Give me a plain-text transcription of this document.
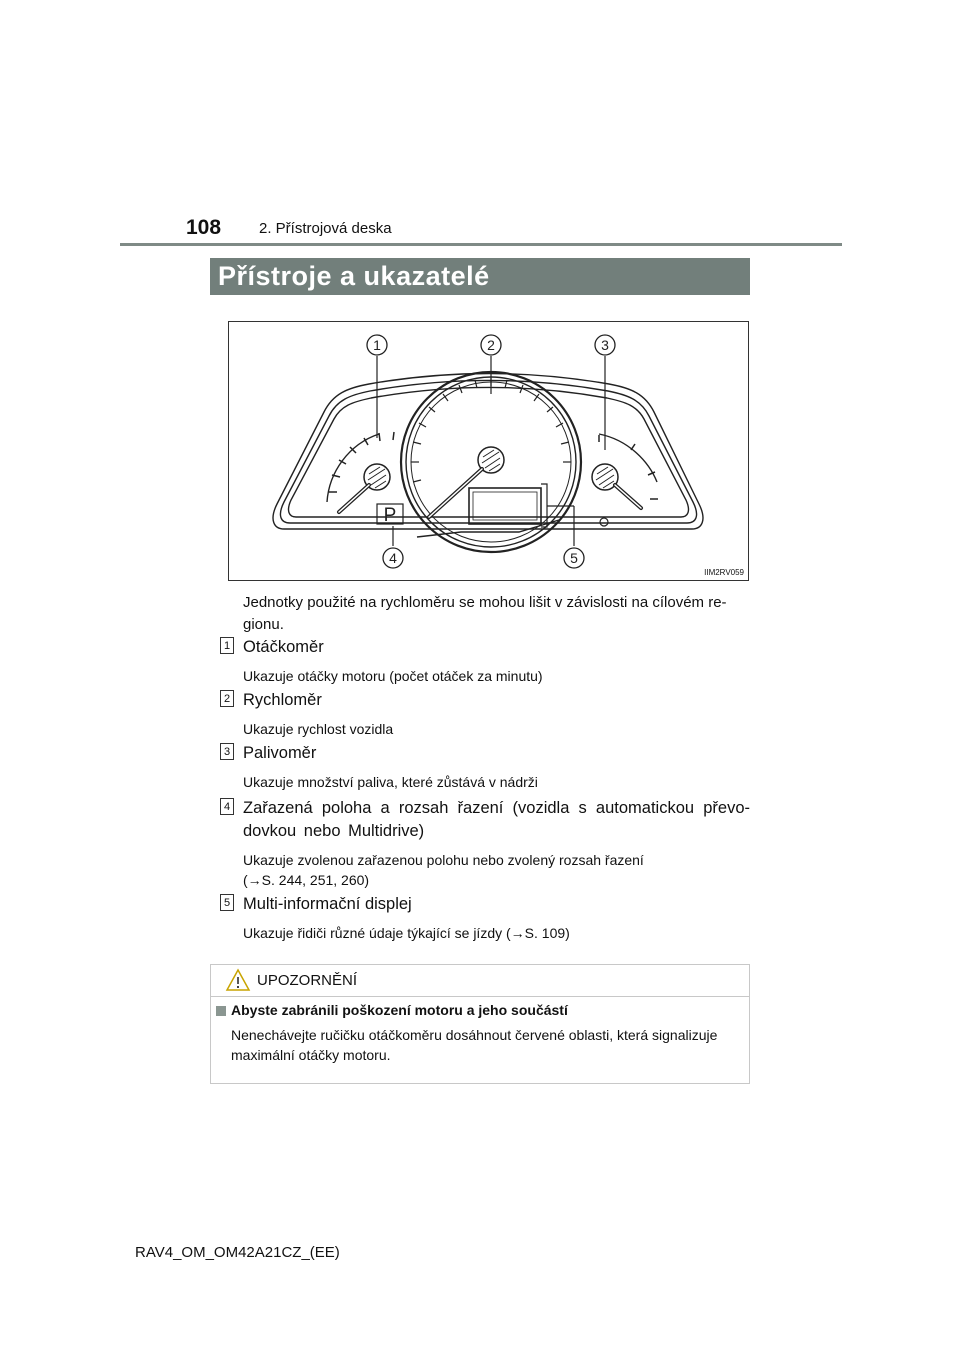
108	2. Přístrojová deska
Přístroje a ukazatelé
P
1	2	3
4	5
IIM2RV059
Jednotky použité na rychloměru se mohou lišit v závislosti na cílovém regionu.
1 Otáčkoměr
Ukazuje otáčky motoru (počet otáček za minutu)
2 Rychloměr
Ukazuje rychlost vozidla
3 Palivoměr
Ukazuje množství paliva, které zůstává v nádrži
4 Zařazená poloha a rozsah řazení (vozidla s automatickou převodovkou nebo Multidrive)
Ukazuje zvolenou zařazenou polohu nebo zvolený rozsah řazení
(→S. 244, 251, 260)
5 Multi-informační displej
Ukazuje řidiči různé údaje týkající se jízdy (→S. 109)
UPOZORNĚNÍ
Abyste zabránili poškození motoru a jeho součástí
Nenechávejte ručičku otáčkoměru dosáhnout červené oblasti, která signalizuje maximální otáčky motoru.
RAV4_OM_OM42A21CZ_(EE)
